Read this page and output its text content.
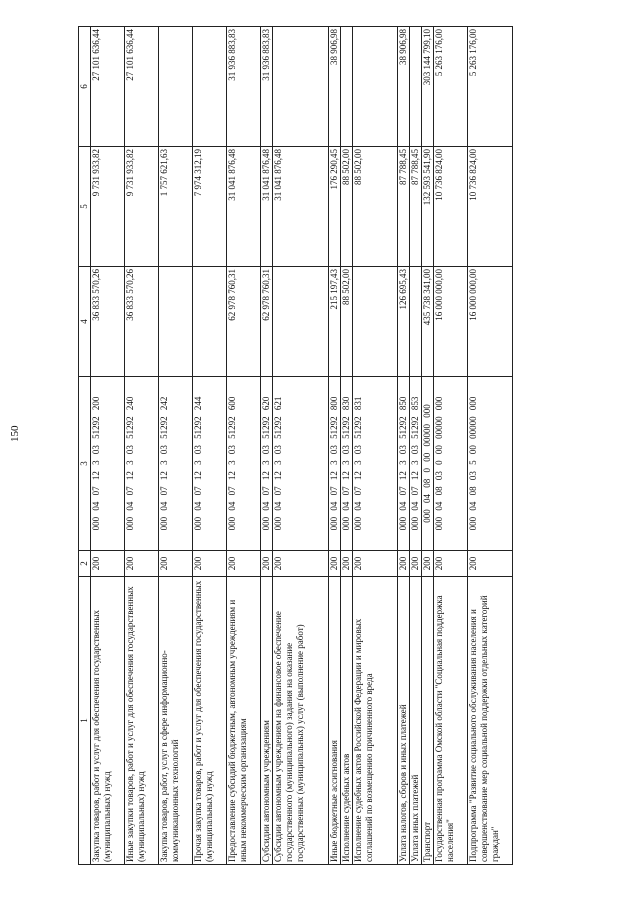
150
1	2	3	4	5	6
Закупка товаров, работ и услуг для обеспечения государственных (муниципальных) нужд	200	000 04 07 12 3 03 51292 200	36 833 570,26	9 731 933,82	27 101 636,44
Иные закупки товаров, работ и услуг для обеспечения государственных (муниципальных) нужд	200	000 04 07 12 3 03 51292 240	36 833 570,26	9 731 933,82	27 101 636,44
Закупка товаров, работ, услуг в сфере информационно-коммуникационных технологий	200	000 04 07 12 3 03 51292 242		1 757 621,63	
Прочая закупка товаров, работ и услуг для обеспечения государственных (муниципальных) нужд	200	000 04 07 12 3 03 51292 244		7 974 312,19	
Предоставление субсидий бюджетным, автономным учреждениям и иным некоммерческим организациям	200	000 04 07 12 3 03 51292 600	62 978 760,31	31 041 876,48	31 936 883,83
Субсидии автономным учреждениям	200	000 04 07 12 3 03 51292 620	62 978 760,31	31 041 876,48	31 936 883,83
Субсидии автономным учреждениям на финансовое обеспечение государственного (муниципального) задания на оказание государственных (муниципальных) услуг (выполнение работ)	200	000 04 07 12 3 03 51292 621		31 041 876,48	
Иные бюджетные ассигнования	200	000 04 07 12 3 03 51292 800	215 197,43	176 290,45	38 906,98
Исполнение судебных актов	200	000 04 07 12 3 03 51292 830	88 502,00	88 502,00	
Исполнение судебных актов Российской Федерации и мировых соглашений по возмещению причиненного вреда	200	000 04 07 12 3 03 51292 831		88 502,00	
Уплата налогов, сборов и иных платежей	200	000 04 07 12 3 03 51292 850	126 695,43	87 788,45	38 906,98
Уплата иных платежей	200	000 04 07 12 3 03 51292 853		87 788,45	
Транспорт	200	000 04 08 0 00 00000 000	435 738 341,00	132 593 541,90	303 144 799,10
Государственная программа Омской области "Социальная поддержка населения"	200	000 04 08 03 0 00 00000 000	16 000 000,00	10 736 824,00	5 263 176,00
Подпрограмма "Развитие социального обслуживания населения и совершенствование мер социальной поддержки отдельных категорий граждан"	200	000 04 08 03 5 00 00000 000	16 000 000,00	10 736 824,00	5 263 176,00
